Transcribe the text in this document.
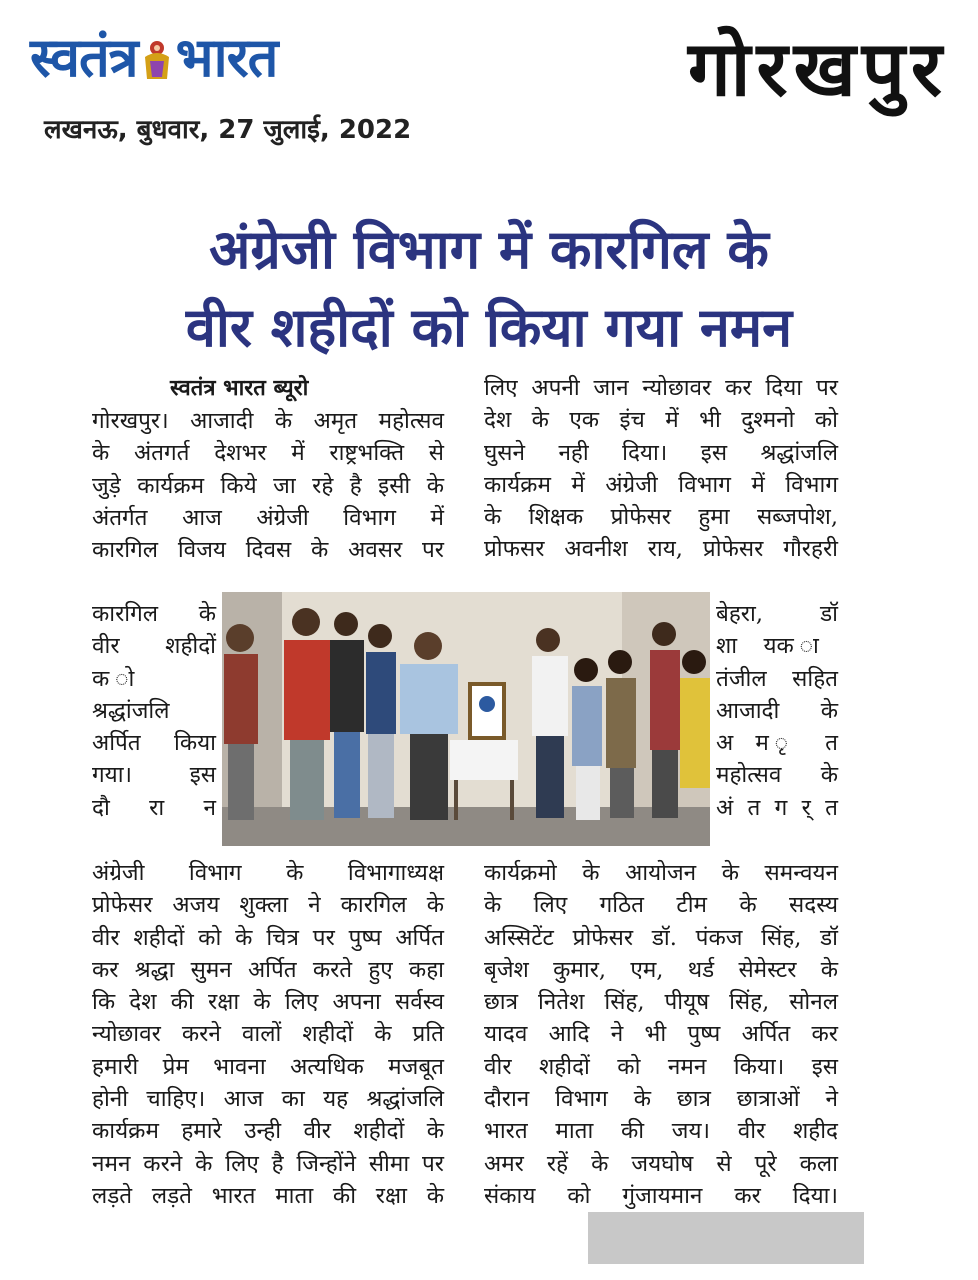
स्वतंत्र भारत
लखनऊ, बुधवार, 27 जुलाई, 2022
गोरखपुर
अंग्रेजी विभाग में कारगिल के
वीर शहीदों को किया गया नमन
स्वतंत्र भारत ब्यूरो
गोरखपुर। आजादी के अमृत महोत्सव
के अंतगर्त देशभर में राष्ट्रभक्ति से
जुड़े कार्यक्रम किये जा रहे है इसी के
अंतर्गत आज अंग्रेजी विभाग में
कारगिल विजय दिवस के अवसर पर
कारगिल के
वीर शहीदों
क ो
श्रद्धांजलि
अर्पित किया
गया। इस
दौ रा न
अंग्रेजी विभाग के विभागाध्यक्ष
प्रोफेसर अजय शुक्ला ने कारगिल के
वीर शहीदों को के चित्र पर पुष्प अर्पित
कर श्रद्धा सुमन अर्पित करते हुए कहा
कि देश की रक्षा के लिए अपना सर्वस्व
न्योछावर करने वालों शहीदों के प्रति
हमारी प्रेम भावना अत्यधिक मजबूत
होनी चाहिए। आज का यह श्रद्धांजलि
कार्यक्रम हमारे उन्ही वीर शहीदों के
नमन करने के लिए है जिन्होंने सीमा पर
लड़ते लड़ते भारत माता की रक्षा के
लिए अपनी जान न्योछावर कर दिया पर
देश के एक इंच में भी दुश्मनो को
घुसने नही दिया। इस श्रद्धांजलि
कार्यक्रम में अंग्रेजी विभाग में विभाग
के शिक्षक प्रोफेसर हुमा सब्जपोश,
प्रोफसर अवनीश राय, प्रोफेसर गौरहरी
बेहरा, डॉ
शा यक ा
तंजील सहित
आजादी के
अ म ृ त
महोत्सव के
अं त ग र् त
कार्यक्रमो के आयोजन के समन्वयन
के लिए गठित टीम के सदस्य
अस्सिटेंट प्रोफेसर डॉ. पंकज सिंह, डॉ
बृजेश कुमार, एम, थर्ड सेमेस्टर के
छात्र नितेश सिंह, पीयूष सिंह, सोनल
यादव आदि ने भी पुष्प अर्पित कर
वीर शहीदों को नमन किया। इस
दौरान विभाग के छात्र छात्राओं ने
भारत माता की जय। वीर शहीद
अमर रहें के जयघोष से पूरे कला
संकाय को गुंजायमान कर दिया।
